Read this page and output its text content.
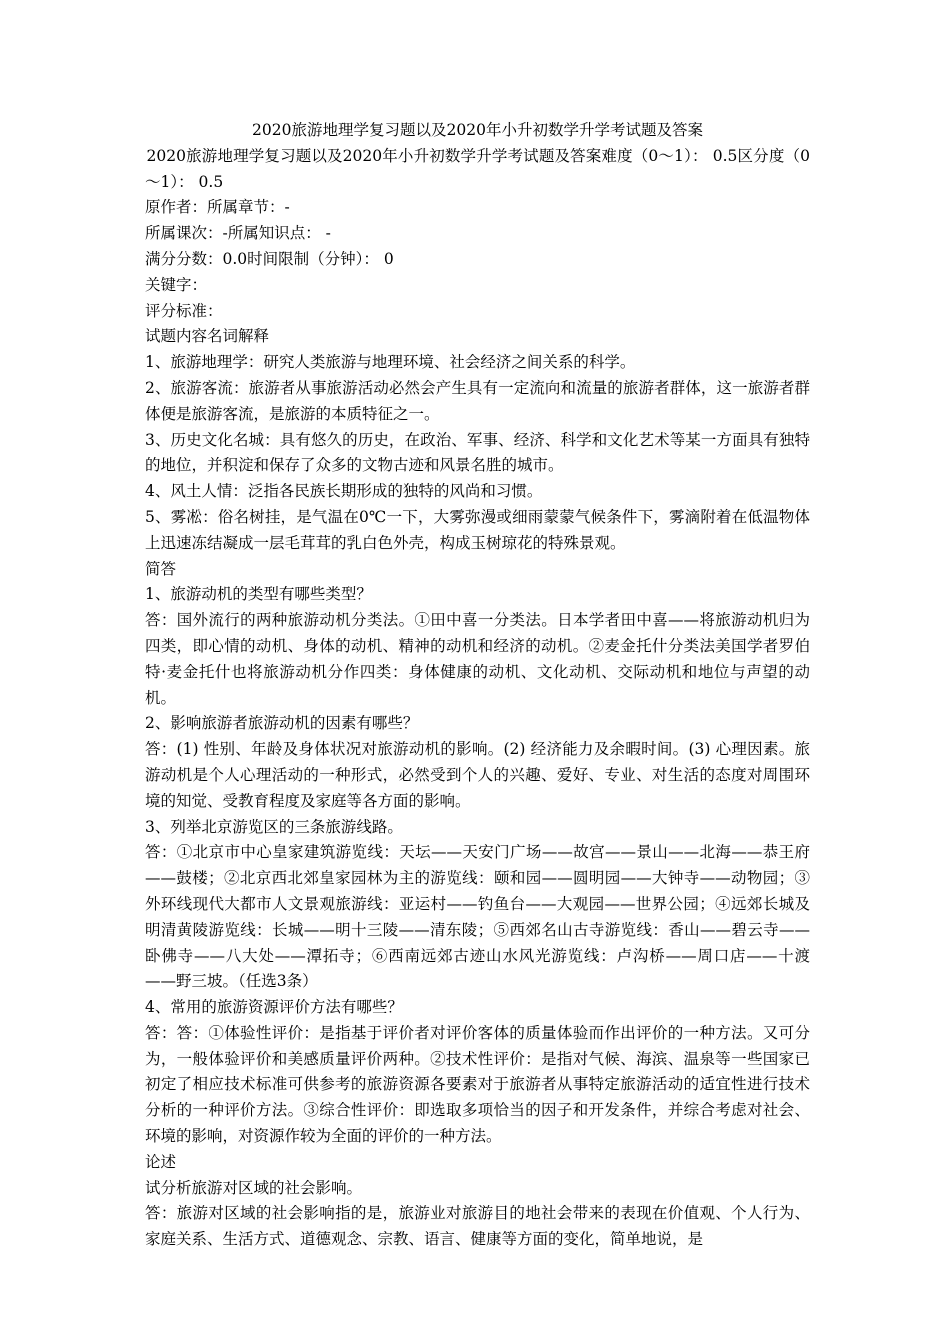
2020旅游地理学复习题以及2020年小升初数学升学考试题及答案

2020旅游地理学复习题以及2020年小升初数学升学考试题及答案难度（0～1）： 0.5区分度（0～1）： 0.5

原作者：所属章节：-

所属课次：-所属知识点： -

满分分数：0.0时间限制（分钟）： 0

关键字：

评分标准：

试题内容名词解释

1、旅游地理学：研究人类旅游与地理环境、社会经济之间关系的科学。

2、旅游客流：旅游者从事旅游活动必然会产生具有一定流向和流量的旅游者群体，这一旅游者群体便是旅游客流，是旅游的本质特征之一。

3、历史文化名城：具有悠久的历史，在政治、军事、经济、科学和文化艺术等某一方面具有独特的地位，并积淀和保存了众多的文物古迹和风景名胜的城市。

4、风土人情：泛指各民族长期形成的独特的风尚和习惯。

5、雾凇：俗名树挂，是气温在0℃一下，大雾弥漫或细雨蒙蒙气候条件下，雾滴附着在低温物体上迅速冻结凝成一层毛茸茸的乳白色外壳，构成玉树琼花的特殊景观。

简答

1、旅游动机的类型有哪些类型？

答：国外流行的两种旅游动机分类法。①田中喜一分类法。日本学者田中喜——将旅游动机归为四类，即心情的动机、身体的动机、精神的动机和经济的动机。②麦金托什分类法美国学者罗伯特·麦金托什也将旅游动机分作四类：身体健康的动机、文化动机、交际动机和地位与声望的动机。

2、影响旅游者旅游动机的因素有哪些？

答：(1) 性别、年龄及身体状况对旅游动机的影响。(2) 经济能力及余暇时间。(3) 心理因素。旅游动机是个人心理活动的一种形式，必然受到个人的兴趣、爱好、专业、对生活的态度对周围环境的知觉、受教育程度及家庭等各方面的影响。

3、列举北京游览区的三条旅游线路。

答：①北京市中心皇家建筑游览线：天坛——天安门广场——故宫——景山——北海——恭王府——鼓楼；②北京西北郊皇家园林为主的游览线：颐和园——圆明园——大钟寺——动物园；③外环线现代大都市人文景观旅游线：亚运村——钓鱼台——大观园——世界公园；④远郊长城及明清黄陵游览线：长城——明十三陵——清东陵；⑤西郊名山古寺游览线：香山——碧云寺——卧佛寺——八大处——潭拓寺；⑥西南远郊古迹山水风光游览线：卢沟桥——周口店——十渡——野三坡。（任选3条）

4、常用的旅游资源评价方法有哪些？

答：答：①体验性评价：是指基于评价者对评价客体的质量体验而作出评价的一种方法。又可分为，一般体验评价和美感质量评价两种。②技术性评价：是指对气候、海滨、温泉等一些国家已初定了相应技术标准可供参考的旅游资源各要素对于旅游者从事特定旅游活动的适宜性进行技术分析的一种评价方法。③综合性评价：即选取多项恰当的因子和开发条件，并综合考虑对社会、环境的影响，对资源作较为全面的评价的一种方法。

论述

试分析旅游对区域的社会影响。

答：旅游对区域的社会影响指的是，旅游业对旅游目的地社会带来的表现在价值观、个人行为、家庭关系、生活方式、道德观念、宗教、语言、健康等方面的变化，简单地说，是
